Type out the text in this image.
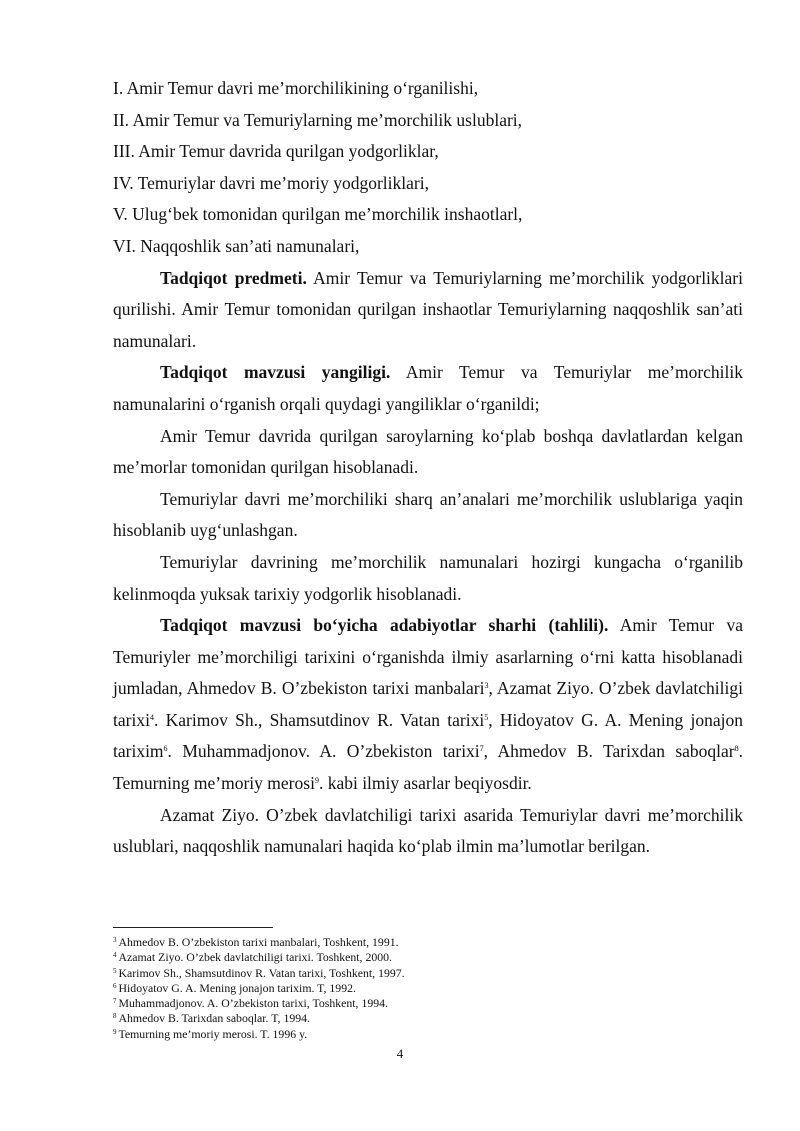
I. Amir Temur davri me’morchilikining o‘rganilishi,

II. Amir Temur va Temuriylarning me’morchilik uslublari,

III. Amir Temur davrida qurilgan yodgorliklar,

IV. Temuriylar davri me’moriy yodgorliklari,

V. Ulug‘bek tomonidan qurilgan me’morchilik inshaotlarl,

VI. Naqqoshlik san’ati namunalari,

Tadqiqot predmeti. Amir Temur va Temuriylarning me’morchilik yodgorliklari qurilishi. Amir Temur tomonidan qurilgan inshaotlar Temuriylarning naqqoshlik san’ati namunalari.

Tadqiqot mavzusi yangiligi. Amir Temur va Temuriylar me’morchilik namunalarini o‘rganish orqali quydagi yangiliklar o‘rganildi;

Amir Temur davrida qurilgan saroylarning ko‘plab boshqa davlatlardan kelgan me’morlar tomonidan qurilgan hisoblanadi.

Temuriylar davri me’morchiliki sharq an’analari me’morchilik uslublariga yaqin hisoblanib uyg‘unlashgan.

Temuriylar davrining me’morchilik namunalari hozirgi kungacha o‘rganilib kelinmoqda yuksak tarixiy yodgorlik hisoblanadi.

Tadqiqot mavzusi bo‘yicha adabiyotlar sharhi (tahlili). Amir Temur va Temuriyler me’morchiligi tarixini o‘rganishda ilmiy asarlarning o‘rni katta hisoblanadi jumladan, Ahmedov B. O’zbekiston tarixi manbalari$^3$, Azamat Ziyo. O’zbek davlatchiligi tarixi$^4$. Karimov Sh., Shamsutdinov R. Vatan tarixi$^5$, Hidoyatov G. A. Mening jonajon tarixim$^6$. Muhammadjonov. A. O’zbekiston tarixi$^7$, Ahmedov B. Tarixdan saboqlar$^8$. Temurning me’moriy merosi$^9$. kabi ilmiy asarlar beqiyosdir.

Azamat Ziyo. O’zbek davlatchiligi tarixi asarida Temuriylar davri me’morchilik uslublari, naqqoshlik namunalari haqida ko‘plab ilmin ma’lumotlar berilgan.

$^3$ Ahmedov B. O’zbekiston tarixi manbalari, Toshkent, 1991.

$^4$ Azamat Ziyo. O’zbek davlatchiligi tarixi. Toshkent, 2000.

$^5$ Karimov Sh., Shamsutdinov R. Vatan tarixi, Toshkent, 1997.

$^6$ Hidoyatov G. A. Mening jonajon tarixim. T, 1992.

$^7$ Muhammadjonov. A. O’zbekiston tarixi, Toshkent, 1994.

$^8$ Ahmedov B. Tarixdan saboqlar. T, 1994.

$^9$ Temurning me’moriy merosi. T. 1996 y.

4
